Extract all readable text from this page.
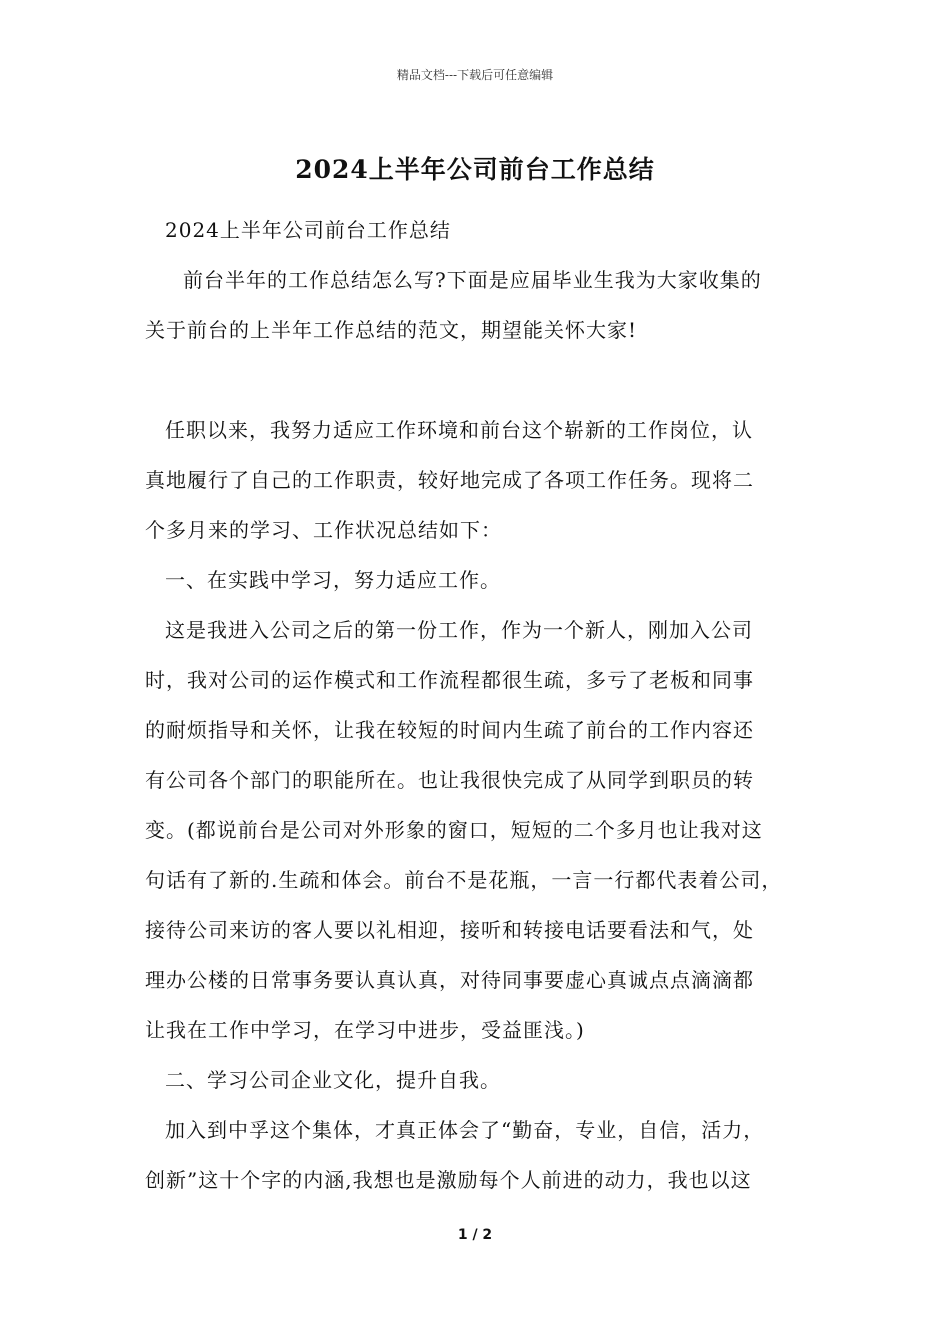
精品文档---下载后可任意编辑
2024上半年公司前台工作总结

2024上半年公司前台工作总结

前台半年的工作总结怎么写?下面是应届毕业生我为大家收集的
关于前台的上半年工作总结的范文，期望能关怀大家!

任职以来，我努力适应工作环境和前台这个崭新的工作岗位，认
真地履行了自己的工作职责，较好地完成了各项工作任务。现将二
个多月来的学习、工作状况总结如下：

一、在实践中学习，努力适应工作。

这是我进入公司之后的第一份工作，作为一个新人，刚加入公司
时，我对公司的运作模式和工作流程都很生疏，多亏了老板和同事
的耐烦指导和关怀，让我在较短的时间内生疏了前台的工作内容还
有公司各个部门的职能所在。也让我很快完成了从同学到职员的转
变。(都说前台是公司对外形象的窗口，短短的二个多月也让我对这
句话有了新的.生疏和体会。前台不是花瓶，一言一行都代表着公司，
接待公司来访的客人要以礼相迎，接听和转接电话要看法和气，处
理办公楼的日常事务要认真认真，对待同事要虚心真诚点点滴滴都
让我在工作中学习，在学习中进步，受益匪浅。)

二、学习公司企业文化，提升自我。

加入到中孚这个集体，才真正体会了“勤奋，专业，自信，活力，
创新”这十个字的内涵,我想也是激励每个人前进的动力，我也以这

1 / 2
